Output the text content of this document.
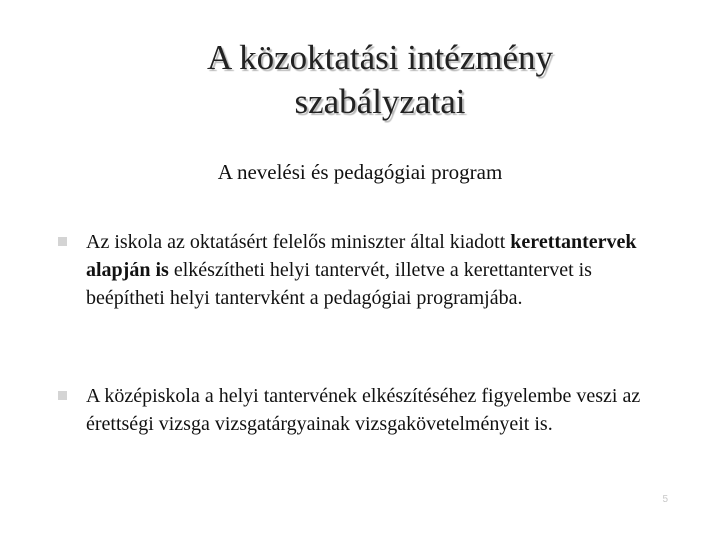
A közoktatási intézmény
szabályzatai
A nevelési és pedagógiai program
Az iskola az oktatásért felelős miniszter által kiadott kerettantervek alapján is elkészítheti helyi tantervét, illetve a kerettantervet is beépítheti helyi tantervként a pedagógiai programjába.
A középiskola a helyi tantervének elkészítéséhez figyelembe veszi az érettségi vizsga vizsgatárgyainak vizsgakövetelményeit is.
5
